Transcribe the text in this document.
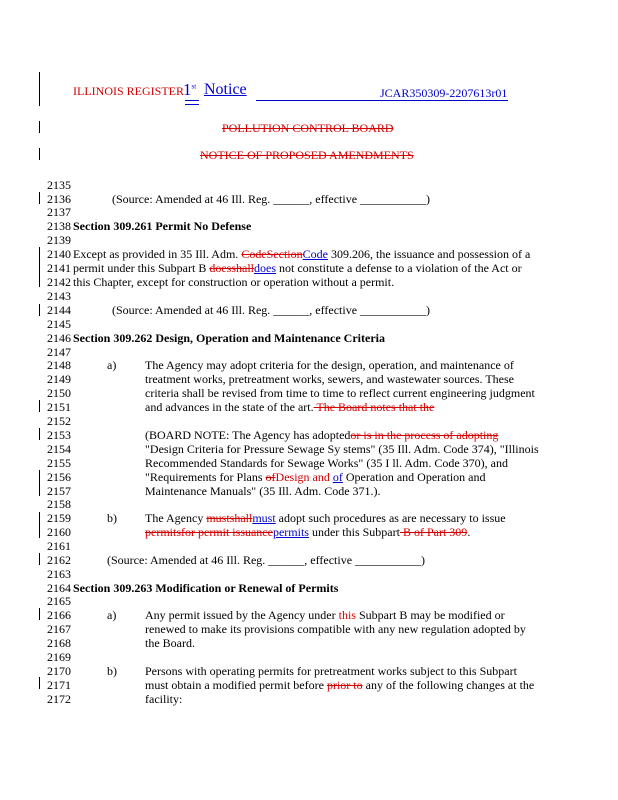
ILLINOIS REGISTER 1st Notice	JCAR350309-2207613r01
POLLUTION CONTROL BOARD
NOTICE OF PROPOSED AMENDMENTS
2135
2136
2137
2138
2139
2140
2141
2142
2143
2144
2145
2146
2147
2148
2149
2150
2151
2152
2153
2154
2155
2156
2157
2158
2159
2160
2161
2162
2163
2164
2165
2166
2167
2168
2169
2170
2171
2172
(Source: Amended at 46 Ill. Reg. ______, effective ___________)
Section 309.261 Permit No Defense
Except as provided in 35 Ill. Adm. CodeSectionCode 309.206, the issuance and possession of a
permit under this Subpart B doesshalldoes not constitute a defense to a violation of the Act or
this Chapter, except for construction or operation without a permit.
(Source: Amended at 46 Ill. Reg. ______, effective ___________)
Section 309.262 Design, Operation and Maintenance Criteria
a) The Agency may adopt criteria for the design, operation, and maintenance of
treatment works, pretreatment works, sewers, and wastewater sources. These
criteria shall be revised from time to time to reflect current engineering judgment
and advances in the state of the art. The Board notes that the
(BOARD NOTE: The Agency has adoptedor is in the process of adopting
"Design Criteria for Pressure Sewage Sy stems" (35 Ill. Adm. Code 374), "Illinois
Recommended Standards for Sewage Works" (35 I ll. Adm. Code 370), and
"Requirements for Plans ofDesign and of Operation and Operation and
Maintenance Manuals" (35 Ill. Adm. Code 371.).
b) The Agency mustshallmust adopt such procedures as are necessary to issue
permitsfor permit issuancepermits under this Subpart B of Part 309.
(Source: Amended at 46 Ill. Reg. ______, effective ___________)
Section 309.263 Modification or Renewal of Permits
a) Any permit issued by the Agency under this Subpart B may be modified or
renewed to make its provisions compatible with any new regulation adopted by
the Board.
b) Persons with operating permits for pretreatment works subject to this Subpart
must obtain a modified permit before prior to any of the following changes at the
facility:
